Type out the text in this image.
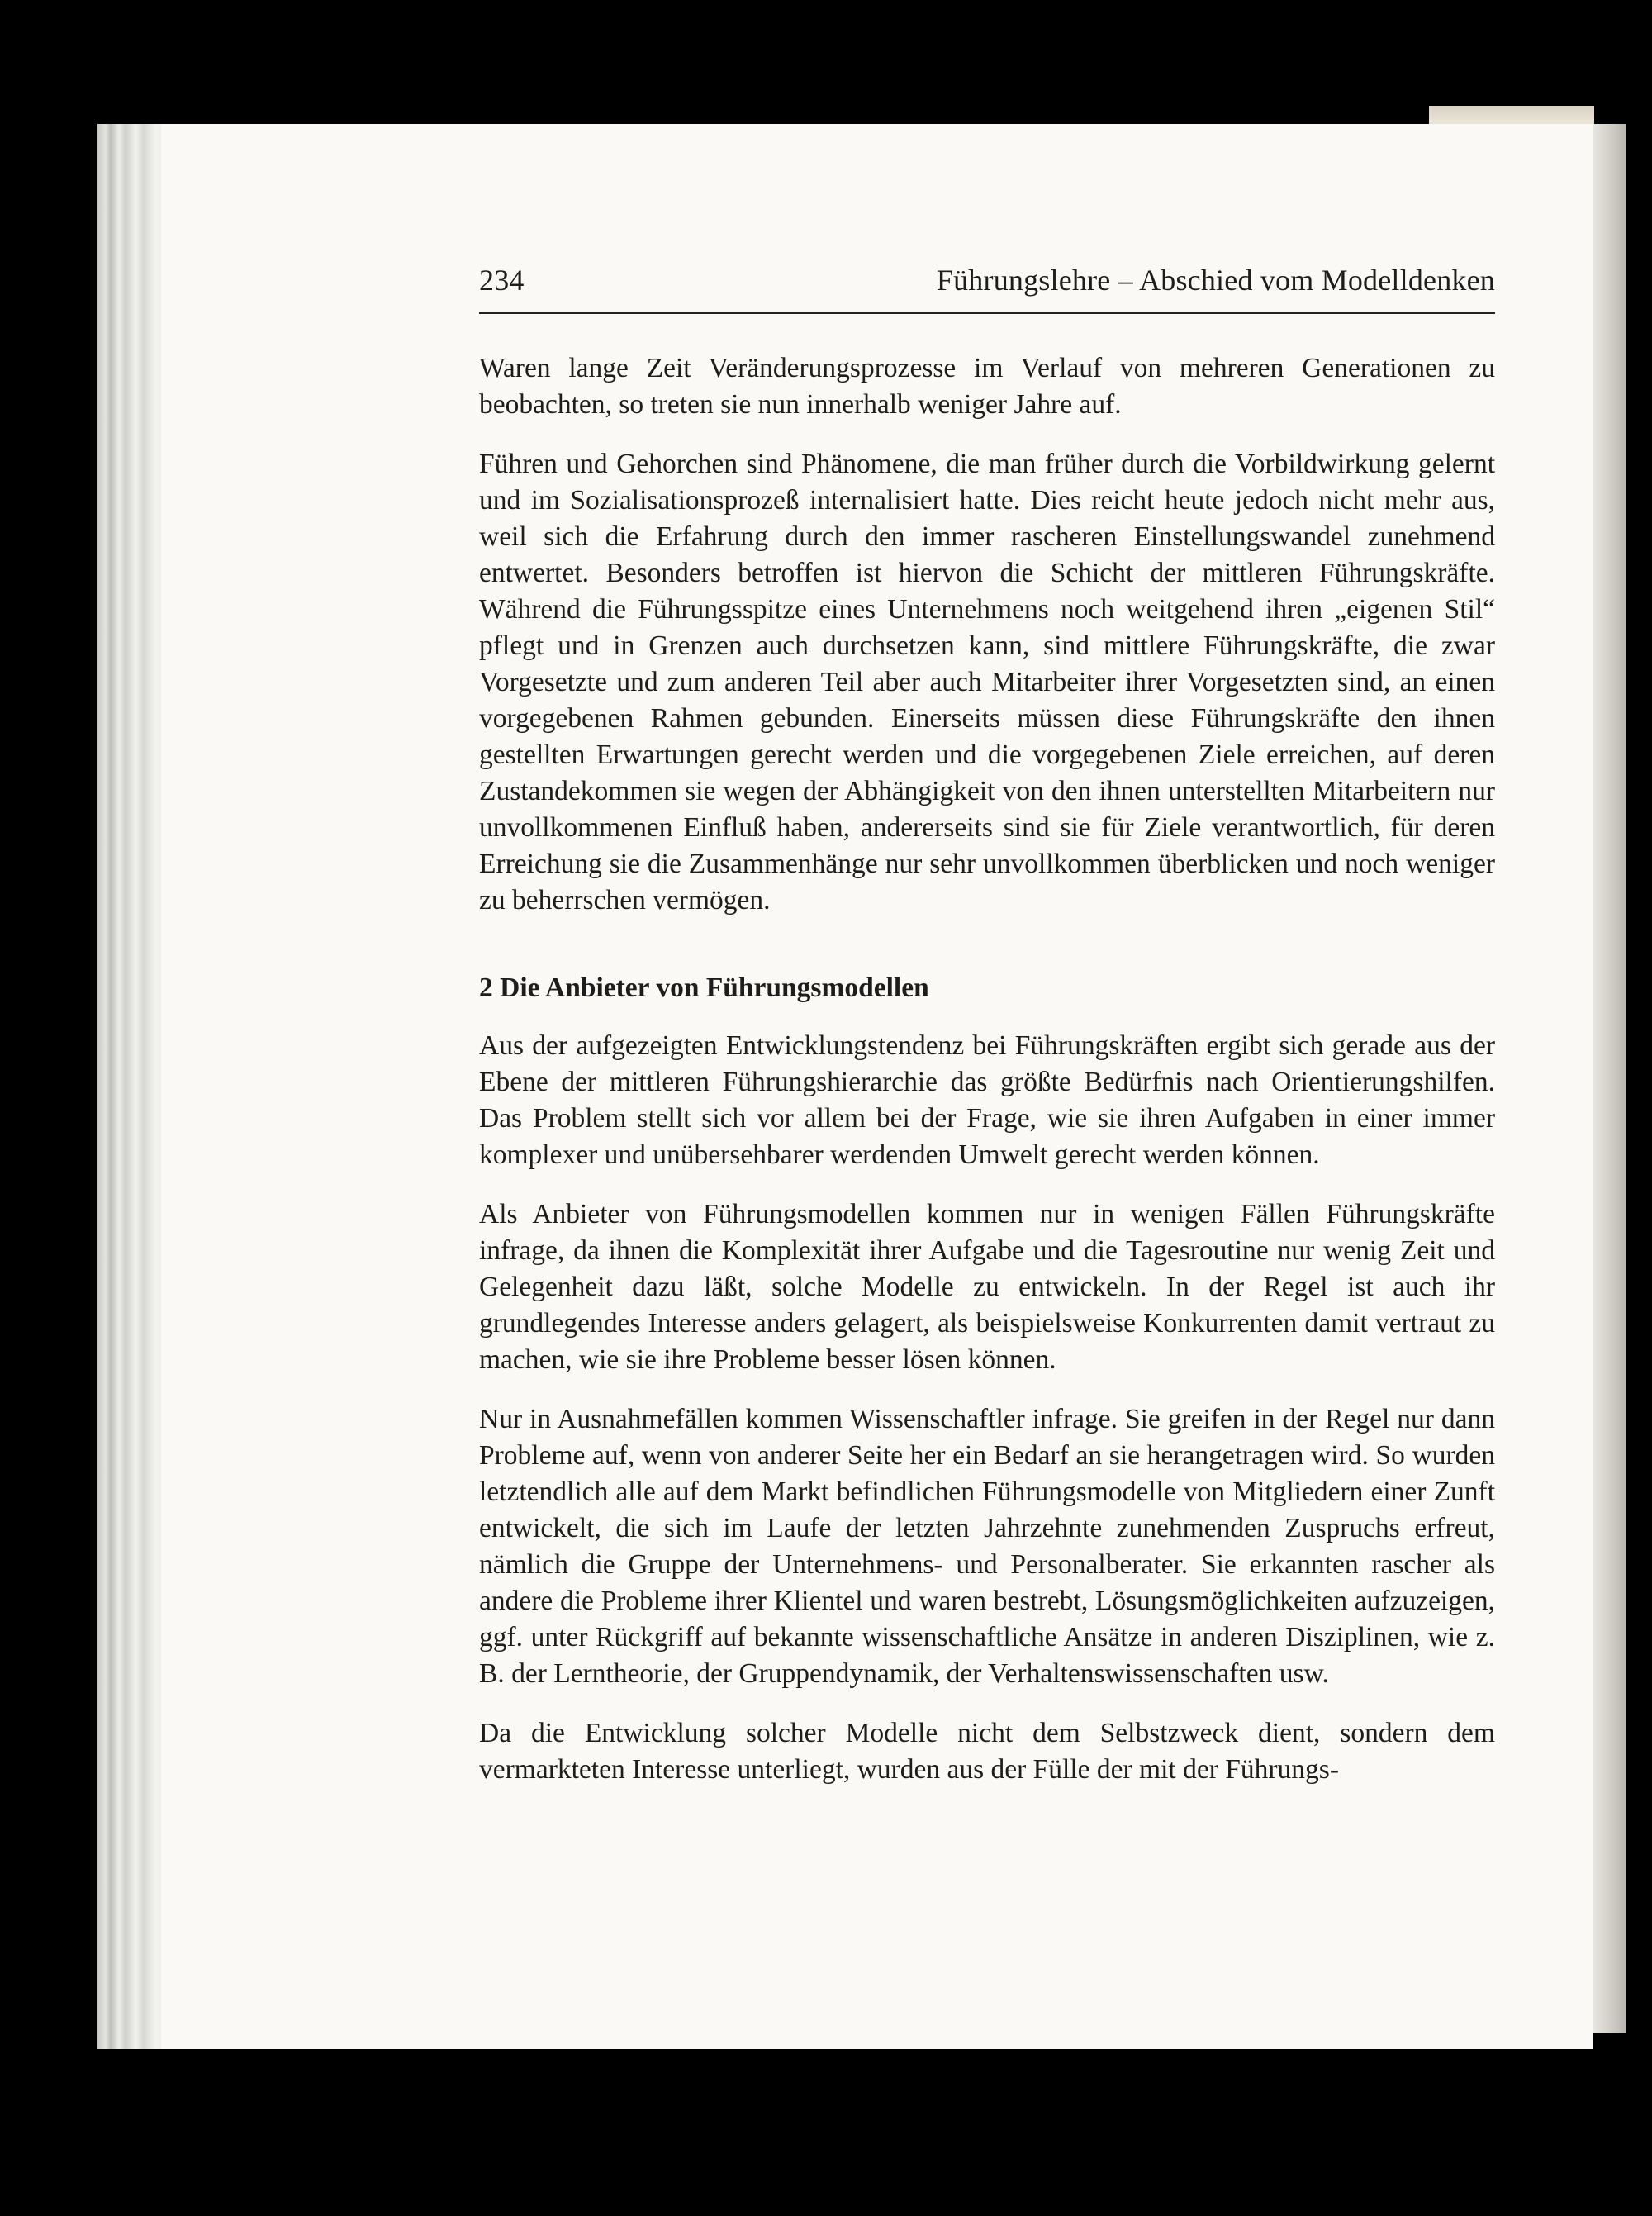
234	Führungslehre – Abschied vom Modelldenken

Waren lange Zeit Veränderungsprozesse im Verlauf von mehreren Generationen zu beobachten, so treten sie nun innerhalb weniger Jahre auf.

Führen und Gehorchen sind Phänomene, die man früher durch die Vorbildwirkung gelernt und im Sozialisationsprozeß internalisiert hatte. Dies reicht heute jedoch nicht mehr aus, weil sich die Erfahrung durch den immer rascheren Einstellungswandel zunehmend entwertet. Besonders betroffen ist hiervon die Schicht der mittleren Führungskräfte. Während die Führungsspitze eines Unternehmens noch weitgehend ihren „eigenen Stil“ pflegt und in Grenzen auch durchsetzen kann, sind mittlere Führungskräfte, die zwar Vorgesetzte und zum anderen Teil aber auch Mitarbeiter ihrer Vorgesetzten sind, an einen vorgegebenen Rahmen gebunden. Einerseits müssen diese Führungskräfte den ihnen gestellten Erwartungen gerecht werden und die vorgegebenen Ziele erreichen, auf deren Zustandekommen sie wegen der Abhängigkeit von den ihnen unterstellten Mitarbeitern nur unvollkommenen Einfluß haben, andererseits sind sie für Ziele verantwortlich, für deren Erreichung sie die Zusammenhänge nur sehr unvollkommen überblicken und noch weniger zu beherrschen vermögen.

2 Die Anbieter von Führungsmodellen

Aus der aufgezeigten Entwicklungstendenz bei Führungskräften ergibt sich gerade aus der Ebene der mittleren Führungshierarchie das größte Bedürfnis nach Orientierungshilfen. Das Problem stellt sich vor allem bei der Frage, wie sie ihren Aufgaben in einer immer komplexer und unübersehbarer werdenden Umwelt gerecht werden können.

Als Anbieter von Führungsmodellen kommen nur in wenigen Fällen Führungskräfte infrage, da ihnen die Komplexität ihrer Aufgabe und die Tagesroutine nur wenig Zeit und Gelegenheit dazu läßt, solche Modelle zu entwickeln. In der Regel ist auch ihr grundlegendes Interesse anders gelagert, als beispielsweise Konkurrenten damit vertraut zu machen, wie sie ihre Probleme besser lösen können.

Nur in Ausnahmefällen kommen Wissenschaftler infrage. Sie greifen in der Regel nur dann Probleme auf, wenn von anderer Seite her ein Bedarf an sie herangetragen wird. So wurden letztendlich alle auf dem Markt befindlichen Führungsmodelle von Mitgliedern einer Zunft entwickelt, die sich im Laufe der letzten Jahrzehnte zunehmenden Zuspruchs erfreut, nämlich die Gruppe der Unternehmens- und Personalberater. Sie erkannten rascher als andere die Probleme ihrer Klientel und waren bestrebt, Lösungsmöglichkeiten aufzuzeigen, ggf. unter Rückgriff auf bekannte wissenschaftliche Ansätze in anderen Disziplinen, wie z. B. der Lerntheorie, der Gruppendynamik, der Verhaltenswissenschaften usw.

Da die Entwicklung solcher Modelle nicht dem Selbstzweck dient, sondern dem vermarkteten Interesse unterliegt, wurden aus der Fülle der mit der Führungs-
